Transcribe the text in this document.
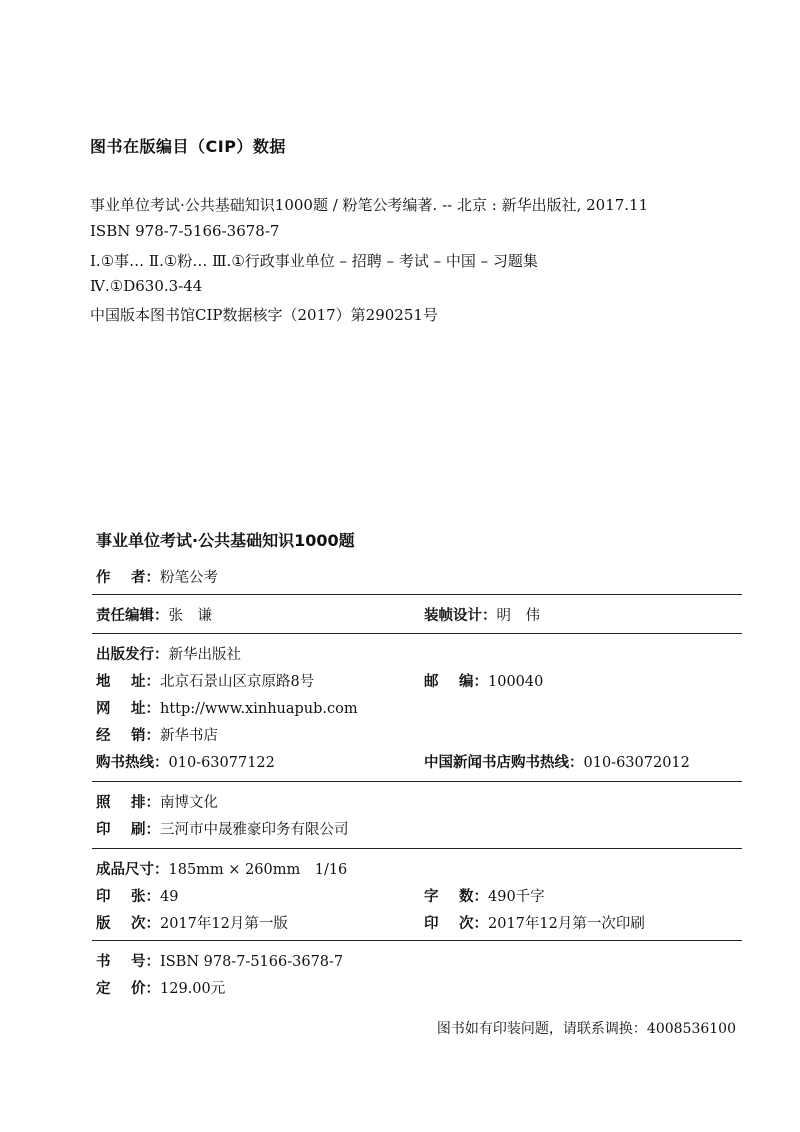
图书在版编目（CIP）数据
事业单位考试·公共基础知识1000题 / 粉笔公考编著. -- 北京 : 新华出版社, 2017.11
ISBN 978-7-5166-3678-7
Ⅰ.①事… Ⅱ.①粉… Ⅲ.①行政事业单位 – 招聘 – 考试 – 中国 – 习题集
Ⅳ.①D630.3-44
中国版本图书馆CIP数据核字（2017）第290251号
事业单位考试·公共基础知识1000题
作 者： 粉笔公考
责任编辑：张　谦	装帧设计：明　伟
出版发行：新华出版社
地 址： 北京石景山区京原路8号	邮 编： 100040
网 址： http://www.xinhuapub.com
经 销： 新华书店
购书热线：010-63077122	中国新闻书店购书热线：010-63072012
照 排： 南博文化
印 刷： 三河市中晟雅豪印务有限公司
成品尺寸：185mm × 260mm　1/16
印 张： 49	字 数： 490千字
版 次： 2017年12月第一版	印 次： 2017年12月第一次印刷
书 号： ISBN 978-7-5166-3678-7
定 价： 129.00元
图书如有印装问题，请联系调换：4008536100
